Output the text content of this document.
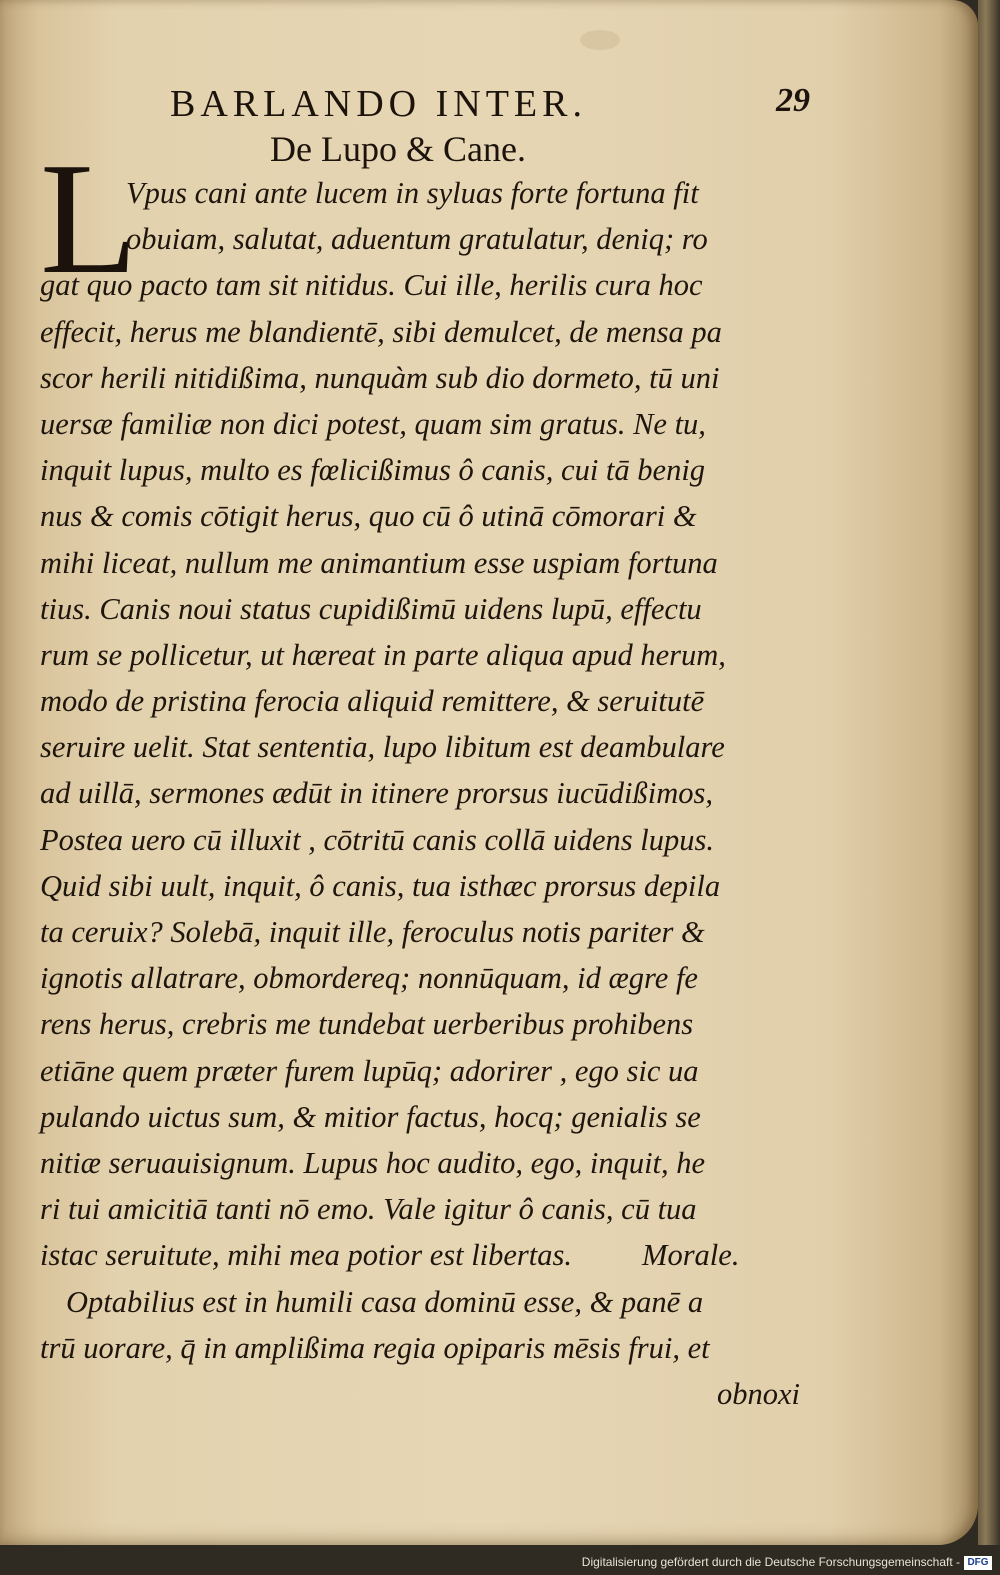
BARLANDO INTER.	29
De Lupo & Cane.
L
Vpus cani ante lucem in syluas forte fortuna fit
obuiam, salutat, aduentum gratulatur, deniq; ro
gat quo pacto tam sit nitidus. Cui ille, herilis cura hoc
effecit, herus me blandientē, sibi demulcet, de mensa pa
scor herili nitidißima, nunquàm sub dio dormeto, tū uni
uersæ familiæ non dici potest, quam sim gratus. Ne tu,
inquit lupus, multo es fœlicißimus ô canis, cui tā benig
nus & comis cōtigit herus, quo cū ô utinā cōmorari &
mihi liceat, nullum me animantium esse uspiam fortuna
tius. Canis noui status cupidißimū uidens lupū, effectu
rum se pollicetur, ut hæreat in parte aliqua apud herum,
modo de pristina ferocia aliquid remittere, & seruitutē
seruire uelit. Stat sententia, lupo libitum est deambulare
ad uillā, sermones ædūt in itinere prorsus iucūdißimos,
Postea uero cū illuxit , cōtritū canis collā uidens lupus.
Quid sibi uult, inquit, ô canis, tua isthæc prorsus depila
ta ceruix? Solebā, inquit ille, feroculus notis pariter &
ignotis allatrare, obmordereq; nonnūquam, id ægre fe
rens herus, crebris me tundebat uerberibus prohibens
etiāne quem præter furem lupūq; adorirer , ego sic ua
pulando uictus sum, & mitior factus, hocq; genialis se
nitiæ seruauisignum. Lupus hoc audito, ego, inquit, he
ri tui amicitiā tanti nō emo. Vale igitur ô canis, cū tua
istac seruitute, mihi mea potior est libertas. Morale.
Optabilius est in humili casa dominū esse, & panē a
trū uorare, q̄ in amplißima regia opiparis mēsis frui, et
obnoxi
Digitalisierung gefördert durch die Deutsche Forschungsgemeinschaft - DFG
